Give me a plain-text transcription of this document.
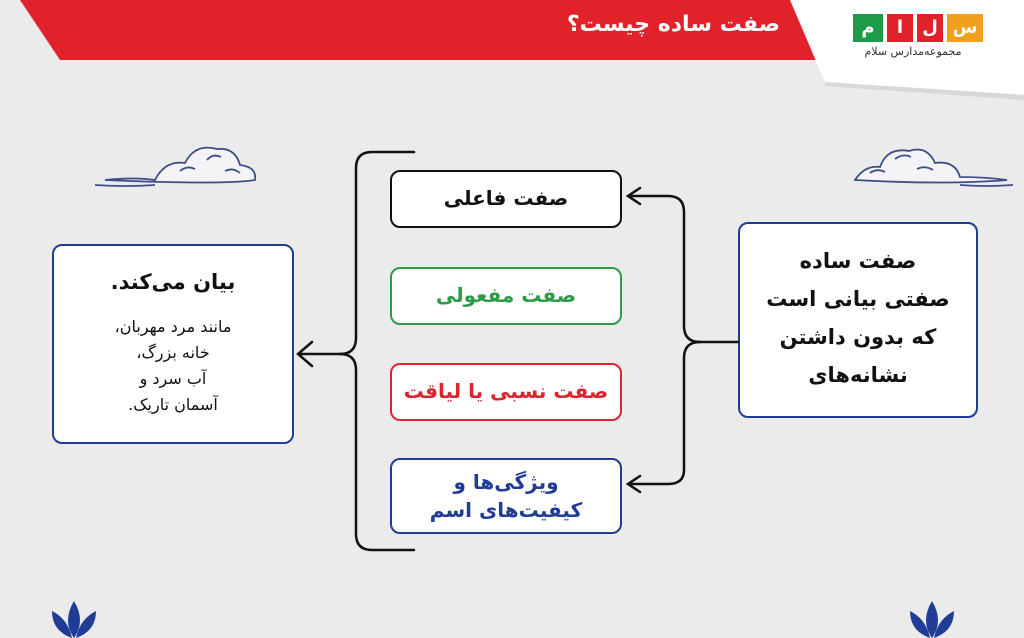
صفت ساده چیست؟	س
ل
ا
م
مجموعه‌مدارس سلام
صفت ساده
صفتی بیانی است
که بدون داشتن
نشانه‌های
صفت فاعلی
صفت مفعولی
صفت نسبی یا لیاقت
ویژگی‌ها و
کیفیت‌های اسم
بیان می‌کند.
مانند مرد مهربان،
خانه بزرگ،
آب سرد و
آسمان تاریک.
